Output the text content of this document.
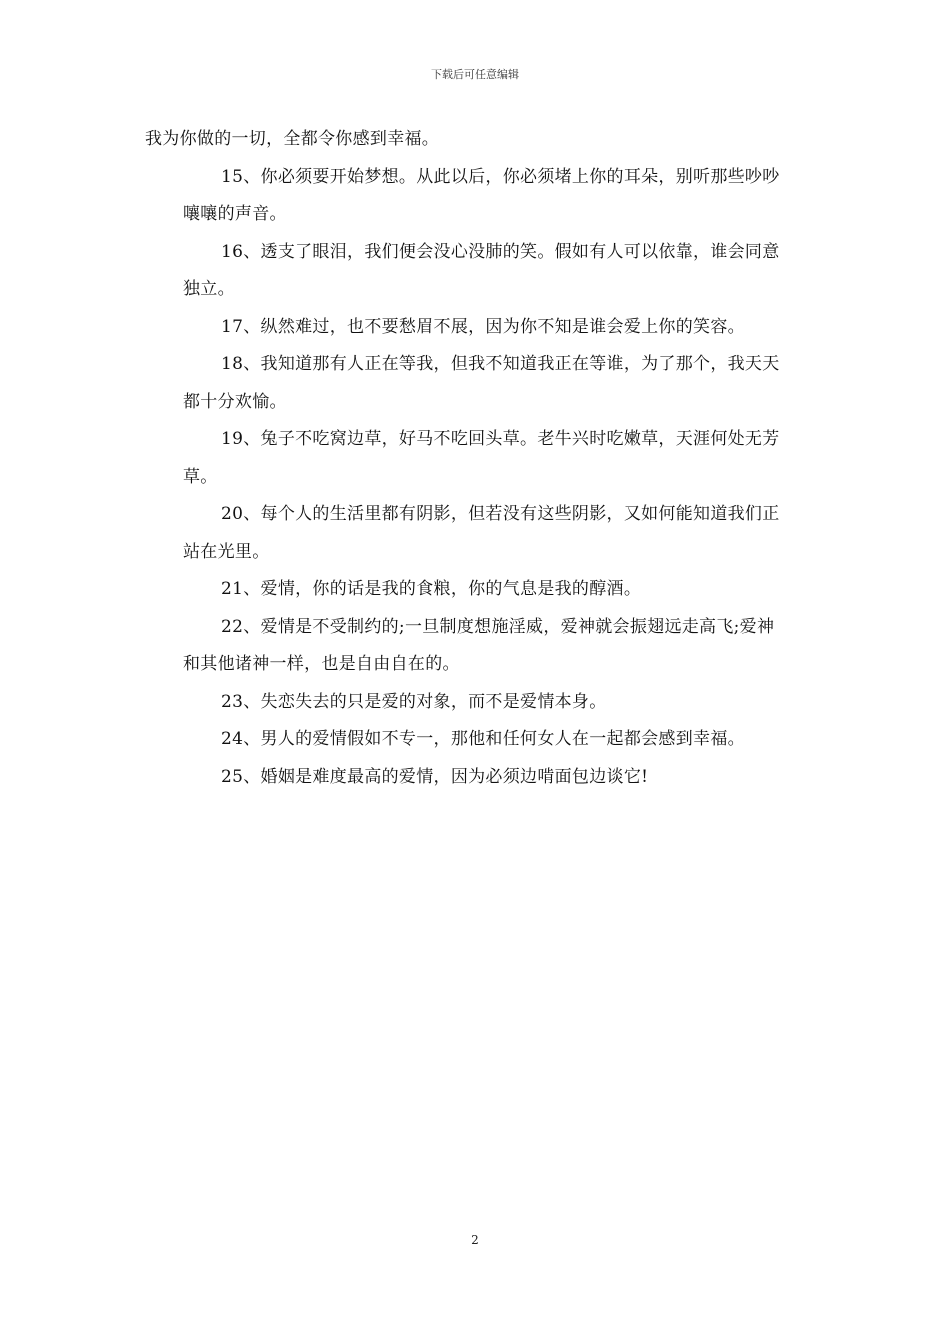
下载后可任意编辑

我为你做的一切，全都令你感到幸福。

15、你必须要开始梦想。从此以后，你必须堵上你的耳朵，别听那些吵吵
嚷嚷的声音。

16、透支了眼泪，我们便会没心没肺的笑。假如有人可以依靠，谁会同意
独立。

17、纵然难过，也不要愁眉不展，因为你不知是谁会爱上你的笑容。

18、我知道那有人正在等我，但我不知道我正在等谁，为了那个，我天天
都十分欢愉。

19、兔子不吃窝边草，好马不吃回头草。老牛兴时吃嫩草，天涯何处无芳
草。

20、每个人的生活里都有阴影，但若没有这些阴影，又如何能知道我们正
站在光里。

21、爱情，你的话是我的食粮，你的气息是我的醇酒。

22、爱情是不受制约的;一旦制度想施淫威，爱神就会振翅远走高飞;爱神
和其他诸神一样，也是自由自在的。

23、失恋失去的只是爱的对象，而不是爱情本身。

24、男人的爱情假如不专一，那他和任何女人在一起都会感到幸福。

25、婚姻是难度最高的爱情，因为必须边啃面包边谈它!

2
